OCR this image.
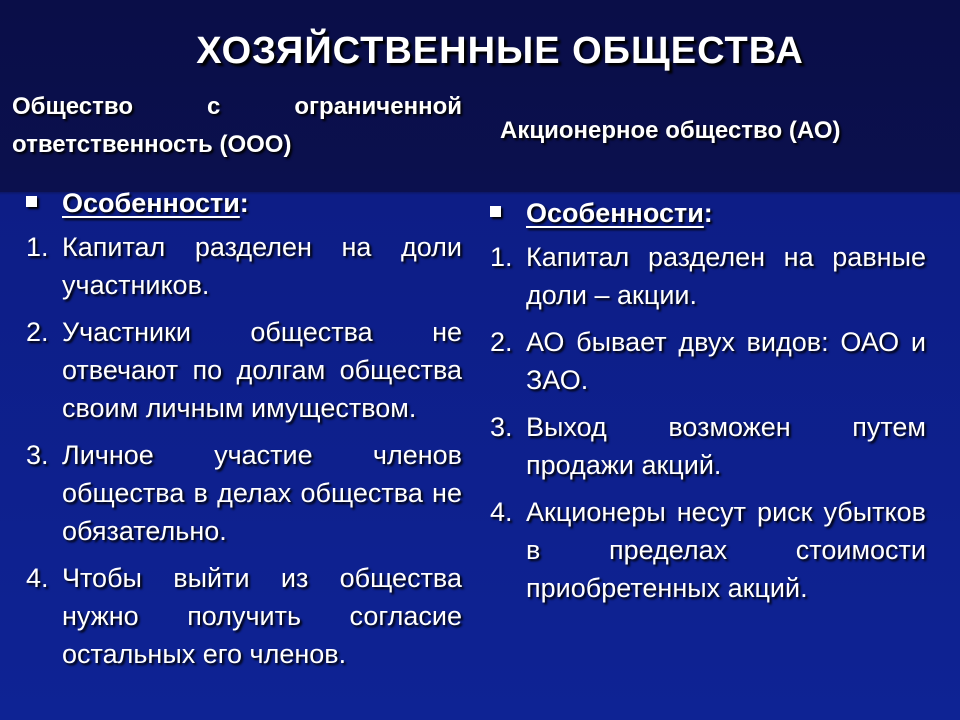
ХОЗЯЙСТВЕННЫЕ ОБЩЕСТВА
Общество с ограниченной ответственность (ООО)
Акционерное общество (АО)
Особенности:
1. Капитал разделен на доли участников.
2. Участники общества не отвечают по долгам общества своим личным имуществом.
3. Личное участие членов общества в делах общества не обязательно.
4. Чтобы выйти из общества нужно получить согласие остальных его членов.
Особенности:
1. Капитал разделен на равные доли – акции.
2. АО бывает двух видов: ОАО и ЗАО.
3. Выход возможен путем продажи акций.
4. Акционеры несут риск убытков в пределах стоимости приобретенных акций.
